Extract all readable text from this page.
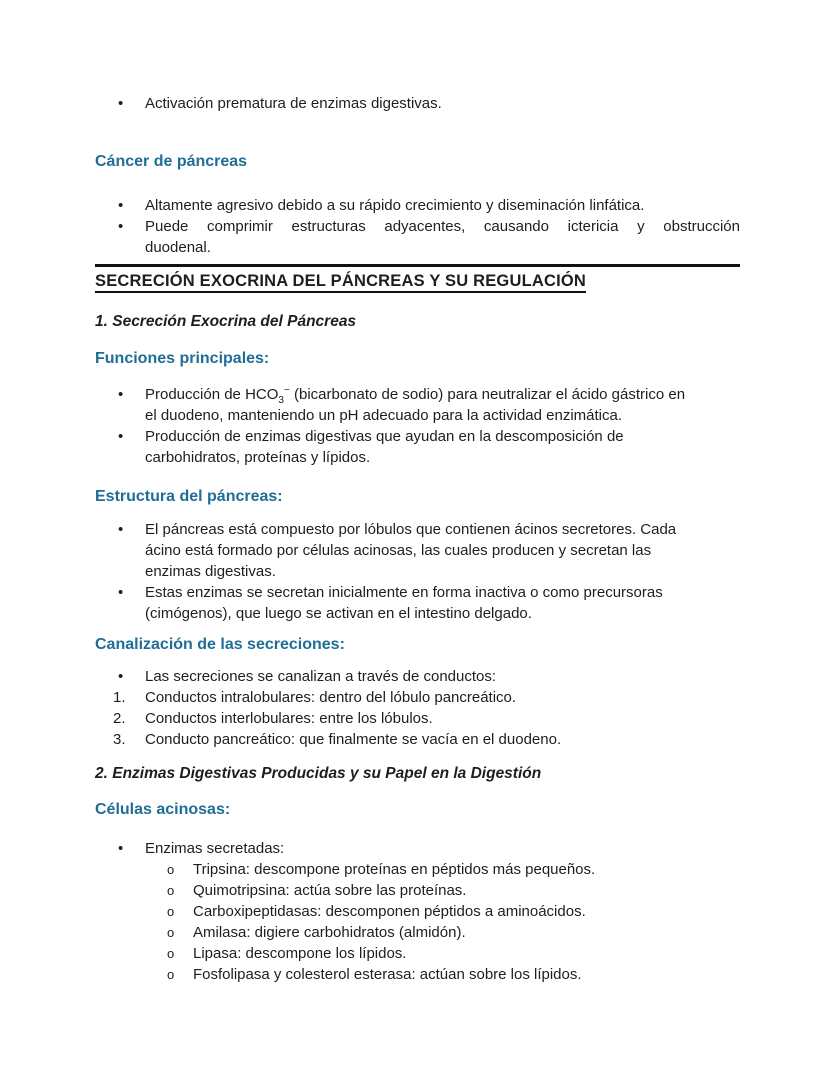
• Activación prematura de enzimas digestivas.
Cáncer de páncreas
• Altamente agresivo debido a su rápido crecimiento y diseminación linfática.
• Puede comprimir estructuras adyacentes, causando ictericia y obstrucción
duodenal.
SECRECIÓN EXOCRINA DEL PÁNCREAS Y SU REGULACIÓN
1. Secreción Exocrina del Páncreas
Funciones principales:
• Producción de $HCO_3^-$ (bicarbonato de sodio) para neutralizar el ácido gástrico en
el duodeno, manteniendo un pH adecuado para la actividad enzimática.
• Producción de enzimas digestivas que ayudan en la descomposición de
carbohidratos, proteínas y lípidos.
Estructura del páncreas:
• El páncreas está compuesto por lóbulos que contienen ácinos secretores. Cada
ácino está formado por células acinosas, las cuales producen y secretan las
enzimas digestivas.
• Estas enzimas se secretan inicialmente en forma inactiva o como precursoras
(cimógenos), que luego se activan en el intestino delgado.
Canalización de las secreciones:
• Las secreciones se canalizan a través de conductos:
1. Conductos intralobulares: dentro del lóbulo pancreático.
2. Conductos interlobulares: entre los lóbulos.
3. Conducto pancreático: que finalmente se vacía en el duodeno.
2. Enzimas Digestivas Producidas y su Papel en la Digestión
Células acinosas:
• Enzimas secretadas:
o Tripsina: descompone proteínas en péptidos más pequeños.
o Quimotripsina: actúa sobre las proteínas.
o Carboxipeptidasas: descomponen péptidos a aminoácidos.
o Amilasa: digiere carbohidratos (almidón).
o Lipasa: descompone los lípidos.
o Fosfolipasa y colesterol esterasa: actúan sobre los lípidos.
